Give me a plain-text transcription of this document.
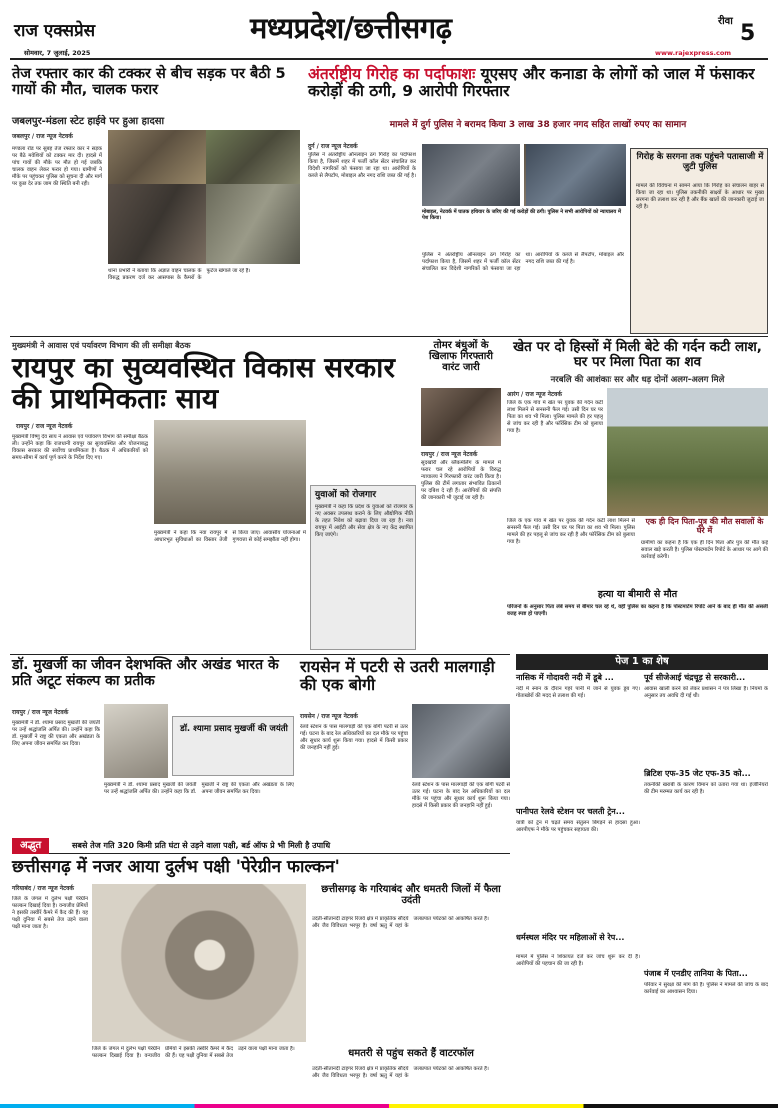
राज एक्सप्रेस
सोमवार, 7 जुलाई, 2025
मध्यप्रदेश/छत्तीसगढ़	रीवा 5
www.rajexpress.com
तेज रफ्तार कार की टक्कर से बीच सड़क पर बैठी 5 गायों की मौत, चालक फरार
जबलपुर-मंडला स्टेट हाईवे पर हुआ हादसा
जबलपुर / राज न्यूज नेटवर्क
मण्डला रोड पर सुबह तेज रफ्तार कार ने सड़क पर बैठे मवेशियों को टक्कर मार दी। हादसे में पांच गायों की मौके पर मौत हो गई जबकि चालक वाहन लेकर फरार हो गया। ग्रामीणों ने मौके पर पहुंचकर पुलिस को सूचना दी और मार्ग पर कुछ देर तक जाम की स्थिति बनी रही।
थाना प्रभारी ने बताया कि अज्ञात वाहन चालक के विरुद्ध प्रकरण दर्ज कर आसपास के कैमरों के फुटेज खंगाले जा रहे हैं।
अंतर्राष्ट्रीय गिरोह का पर्दाफाशः यूएसए और कनाडा के लोगों को जाल में फंसाकर करोड़ों की ठगी, 9 आरोपी गिरफ्तार
मामले में दुर्ग पुलिस ने बरामद किया 3 लाख 38 हजार नगद सहित लाखों रुपए का सामान
दुर्ग / राज न्यूज नेटवर्क
पुलिस ने अंतर्राष्ट्रीय ऑनलाइन ठग गिरोह का पर्दाफाश किया है, जिसमें शहर में फर्जी कॉल सेंटर संचालित कर विदेशी नागरिकों को फंसाया जा रहा था। आरोपियों के कब्जे से लैपटॉप, मोबाइल और नगद राशि जब्त की गई है।
मोबाइल, नेटवर्क में घातक हथियार के जरिए की गई करोड़ों की ठगी। पुलिस ने सभी आरोपियों को न्यायालय में पेश किया।
पुलिस ने अंतर्राष्ट्रीय ऑनलाइन ठग गिरोह का पर्दाफाश किया है, जिसमें शहर में फर्जी कॉल सेंटर संचालित कर विदेशी नागरिकों को फंसाया जा रहा था। आरोपियों के कब्जे से लैपटॉप, मोबाइल और नगद राशि जब्त की गई है।
गिरोह के सरगना तक पहुंचने पतासाजी में जुटी पुलिस
मामले की विवेचना में सामने आया कि गिरोह का संचालन बाहर से किया जा रहा था। पुलिस तकनीकी साक्ष्यों के आधार पर मुख्य सरगना की तलाश कर रही है और बैंक खातों की जानकारी जुटाई जा रही है।
मुख्यमंत्री ने आवास एवं पर्यावरण विभाग की ली समीक्षा बैठक
रायपुर का सुव्यवस्थित विकास सरकार की प्राथमिकताः साय
रायपुर / राज न्यूज नेटवर्क
मुख्यमंत्री विष्णु देव साय ने आवास एवं पर्यावरण विभाग की समीक्षा बैठक ली। उन्होंने कहा कि राजधानी रायपुर का सुव्यवस्थित और योजनाबद्ध विकास सरकार की सर्वोच्च प्राथमिकता है। बैठक में अधिकारियों को समय-सीमा में कार्य पूर्ण करने के निर्देश दिए गए।
मुख्यमंत्री ने कहा कि नवा रायपुर में आधारभूत सुविधाओं का विस्तार तेजी से किया जाए। आवासीय योजनाओं में गुणवत्ता से कोई समझौता नहीं होगा।
युवाओं को रोजगार
मुख्यमंत्री ने कहा कि प्रदेश के युवाओं को रोजगार के नए अवसर उपलब्ध कराने के लिए औद्योगिक नीति के तहत निवेश को बढ़ावा दिया जा रहा है। नवा रायपुर में आईटी और सेवा क्षेत्र के नए केंद्र स्थापित किए जाएंगे।
तोमर बंधुओं के खिलाफ गिरफ्तारी वारंट जारी
रायपुर / राज न्यूज नेटवर्क
सूदखोरी और ब्लैकमेलिंग के मामले में फरार चल रहे आरोपियों के विरुद्ध न्यायालय ने गिरफ्तारी वारंट जारी किया है। पुलिस की टीमें लगातार संभावित ठिकानों पर दबिश दे रही हैं। आरोपियों की संपत्ति की जानकारी भी जुटाई जा रही है।
खेत पर दो हिस्सों में मिली बेटे की गर्दन कटी लाश, घर पर मिला पिता का शव
नरबलि की आशंकाः सर और धड़ दोनों अलग-अलग मिले
आरंग / राज न्यूज नेटवर्क
जिले के एक गांव में खेत पर युवक की गर्दन कटी लाश मिलने से सनसनी फैल गई। उसी दिन घर पर पिता का शव भी मिला। पुलिस मामले की हर पहलू से जांच कर रही है और फॉरेंसिक टीम को बुलाया गया है।
जिले के एक गांव में खेत पर युवक की गर्दन कटी लाश मिलने से सनसनी फैल गई। उसी दिन घर पर पिता का शव भी मिला। पुलिस मामले की हर पहलू से जांच कर रही है और फॉरेंसिक टीम को बुलाया गया है।
एक ही दिन पिता-पुत्र की मौत सवालों के घेरे में
ग्रामीणों का कहना है कि एक ही दिन पिता और पुत्र की मौत कई सवाल खड़े करती है। पुलिस पोस्टमार्टम रिपोर्ट के आधार पर आगे की कार्रवाई करेगी।
हत्या या बीमारी से मौत
परिजनों के अनुसार पिता लंबे समय से बीमार चल रहे थे, वहीं पुलिस का कहना है कि पोस्टमार्टम रिपोर्ट आने के बाद ही मौत की असली वजह स्पष्ट हो पाएगी।
डॉ. मुखर्जी का जीवन देशभक्ति और अखंड भारत के प्रति अटूट संकल्प का प्रतीक
रायपुर / राज न्यूज नेटवर्क
मुख्यमंत्री ने डॉ. श्यामा प्रसाद मुखर्जी की जयंती पर उन्हें श्रद्धांजलि अर्पित की। उन्होंने कहा कि डॉ. मुखर्जी ने राष्ट्र की एकता और अखंडता के लिए अपना जीवन समर्पित कर दिया।
डॉ. श्यामा प्रसाद मुखर्जी की जयंती
मुख्यमंत्री ने डॉ. श्यामा प्रसाद मुखर्जी की जयंती पर उन्हें श्रद्धांजलि अर्पित की। उन्होंने कहा कि डॉ. मुखर्जी ने राष्ट्र की एकता और अखंडता के लिए अपना जीवन समर्पित कर दिया।
रायसेन में पटरी से उतरी मालगाड़ी की एक बोगी
रायसेन / राज न्यूज नेटवर्क
रेलवे स्टेशन के पास मालगाड़ी की एक बोगी पटरी से उतर गई। घटना के बाद रेल अधिकारियों का दल मौके पर पहुंचा और सुधार कार्य शुरू किया गया। हादसे में किसी प्रकार की जनहानि नहीं हुई।
रेलवे स्टेशन के पास मालगाड़ी की एक बोगी पटरी से उतर गई। घटना के बाद रेल अधिकारियों का दल मौके पर पहुंचा और सुधार कार्य शुरू किया गया। हादसे में किसी प्रकार की जनहानि नहीं हुई।
पेज 1 का शेष
नासिक में गोदावरी नदी में डूबे ...
नदी में स्नान के दौरान गहरे पानी में जाने से युवक डूब गए। गोताखोरों की मदद से तलाश की गई।
पानीपत रेलवे स्टेशन पर चलती ट्रेन...
यात्री को ट्रेन में चढ़ते समय संतुलन बिगड़ने से हादसा हुआ। आरपीएफ ने मौके पर पहुंचकर सहायता की।
धर्मस्थल मंदिर पर महिलाओं से रेप...
मामले में पुलिस ने शिकायत दर्ज कर जांच शुरू कर दी है। आरोपियों की पहचान की जा रही है।
पूर्व सीजेआई चंद्रचूड़ से सरकारी...
आवास खाली करने को लेकर प्रशासन ने पत्र लिखा है। नियमों के अनुसार तय अवधि दी गई थी।
ब्रिटिश एफ-35 जेट एफ-35 को...
तकनीकी खराबी के कारण विमान को उतारा गया था। इंजीनियरों की टीम मरम्मत कार्य कर रही है।
पंजाब में एनडीए तानिया के पिता...
परिवार ने सुरक्षा की मांग की है। पुलिस ने मामले की जांच के बाद कार्रवाई का आश्वासन दिया।
अद्भुत	सबसे तेज गति 320 किमी प्रति घंटा से उड़ने वाला पक्षी, बर्ड ऑफ प्रे भी मिली है उपाधि
छत्तीसगढ़ में नजर आया दुर्लभ पक्षी 'पेरेग्रीन फाल्कन'
गरियाबंद / राज न्यूज नेटवर्क
जिले के जंगल में दुर्लभ पक्षी पेरेग्रीन फाल्कन दिखाई दिया है। वन्यजीव प्रेमियों ने इसकी तस्वीरें कैमरे में कैद की हैं। यह पक्षी दुनिया में सबसे तेज उड़ने वाला पक्षी माना जाता है।
जिले के जंगल में दुर्लभ पक्षी पेरेग्रीन फाल्कन दिखाई दिया है। वन्यजीव प्रेमियों ने इसकी तस्वीरें कैमरे में कैद की हैं। यह पक्षी दुनिया में सबसे तेज उड़ने वाला पक्षी माना जाता है।
छत्तीसगढ़ के गरियाबंद और धमतरी जिलों में फैला उदंती
उदंती-सीतानदी टाइगर रिजर्व क्षेत्र में प्राकृतिक सौंदर्य और जैव विविधता भरपूर है। वर्षा ऋतु में यहां के जलप्रपात पर्यटकों को आकर्षित करते हैं।
धमतरी से पहुंच सकते हैं वाटरफॉल
उदंती-सीतानदी टाइगर रिजर्व क्षेत्र में प्राकृतिक सौंदर्य और जैव विविधता भरपूर है। वर्षा ऋतु में यहां के जलप्रपात पर्यटकों को आकर्षित करते हैं।
